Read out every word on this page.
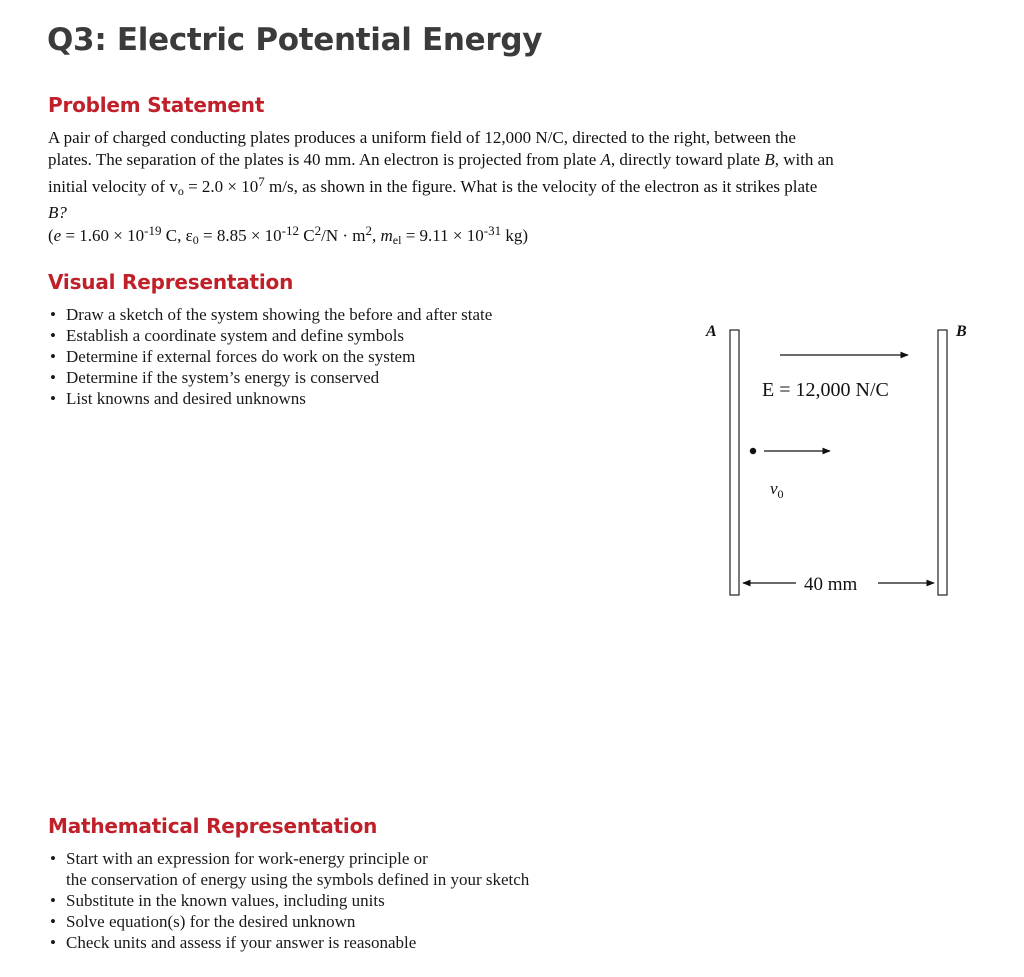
Q3: Electric Potential Energy
Problem Statement

A pair of charged conducting plates produces a uniform field of 12,000 N/C, directed to the right, between the

plates. The separation of the plates is 40 mm. An electron is projected from plate A, directly toward plate B, with an

initial velocity of $v_o = 2.0 \times 10^7$ m/s, as shown in the figure. What is the velocity of the electron as it strikes plate

B?

($e = 1.60 \times 10^{-19}$ C, $\varepsilon_0 = 8.85 \times 10^{-12}$ $C^2/N \cdot m^2$, $m_{el} = 9.11 \times 10^{-31}$ kg)
Visual Representation
• Draw a sketch of the system showing the before and after state
• Establish a coordinate system and define symbols
• Determine if external forces do work on the system
• Determine if the system’s energy is conserved
• List knowns and desired unknowns
A	B
E = 12,000 N/C
$v_0$
40 mm
Mathematical Representation
• Start with an expression for work-energy principle or
the conservation of energy using the symbols defined in your sketch
• Substitute in the known values, including units
• Solve equation(s) for the desired unknown
• Check units and assess if your answer is reasonable
